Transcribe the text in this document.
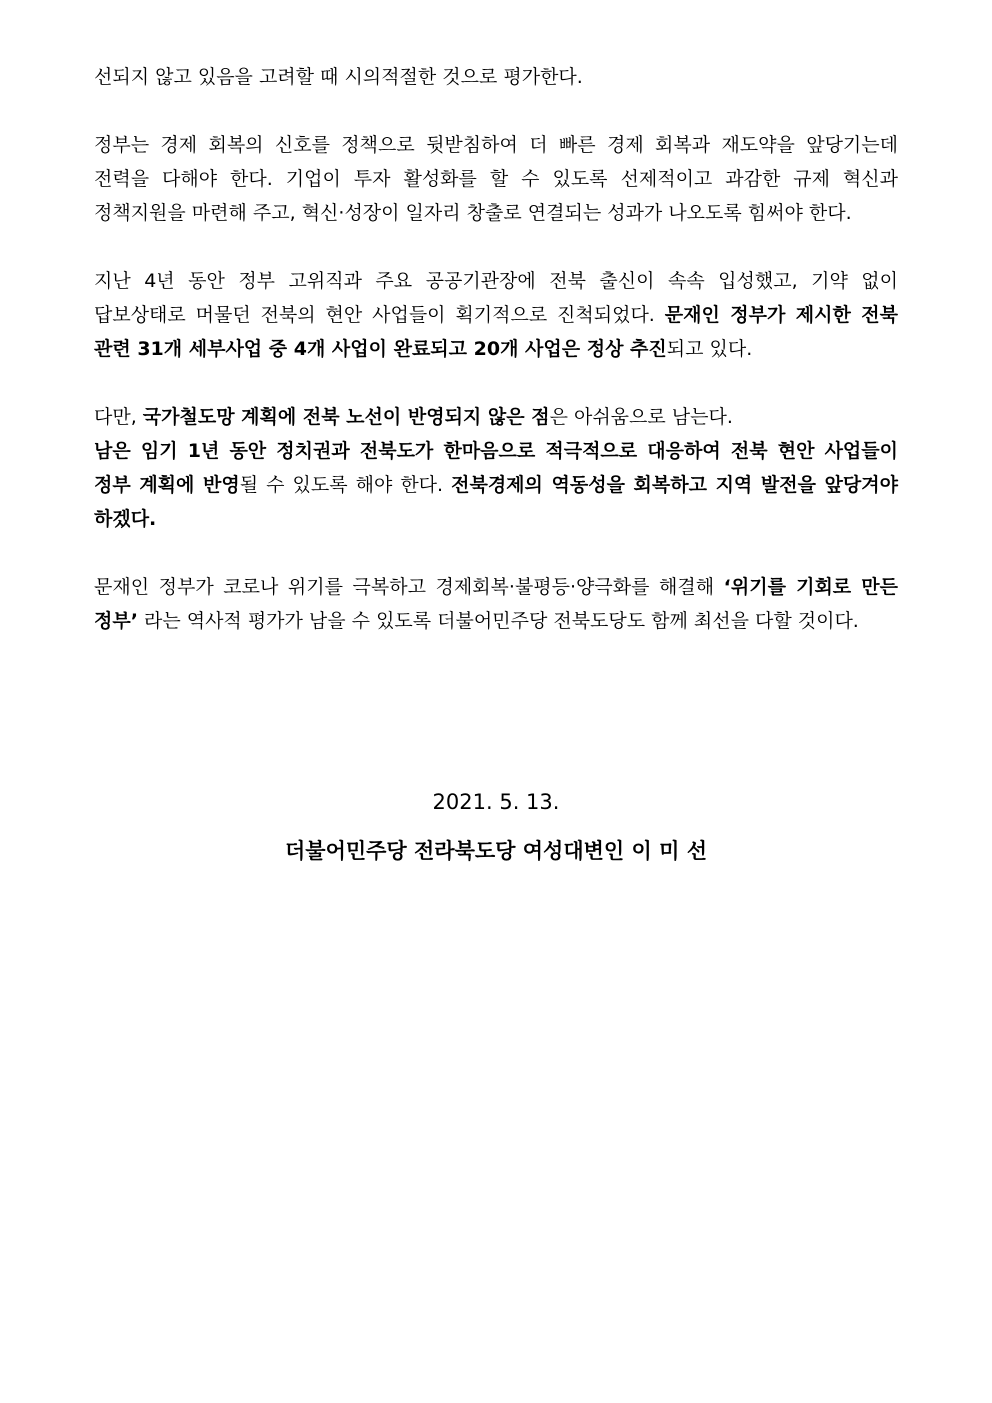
선되지 않고 있음을 고려할 때 시의적절한 것으로 평가한다.

정부는 경제 회복의 신호를 정책으로 뒷받침하여 더 빠른 경제 회복과 재도약을 앞당기는데 전력을 다해야 한다. 기업이 투자 활성화를 할 수 있도록 선제적이고 과감한 규제 혁신과 정책지원을 마련해 주고, 혁신·성장이 일자리 창출로 연결되는 성과가 나오도록 힘써야 한다.

지난 4년 동안 정부 고위직과 주요 공공기관장에 전북 출신이 속속 입성했고, 기약 없이 답보상태로 머물던 전북의 현안 사업들이 획기적으로 진척되었다. 문재인 정부가 제시한 전북 관련 31개 세부사업 중 4개 사업이 완료되고 20개 사업은 정상 추진되고 있다.

다만, 국가철도망 계획에 전북 노선이 반영되지 않은 점은 아쉬움으로 남는다.

남은 임기 1년 동안 정치권과 전북도가 한마음으로 적극적으로 대응하여 전북 현안 사업들이 정부 계획에 반영될 수 있도록 해야 한다. 전북경제의 역동성을 회복하고 지역 발전을 앞당겨야 하겠다.

문재인 정부가 코로나 위기를 극복하고 경제회복·불평등·양극화를 해결해 ‘위기를 기회로 만든 정부’ 라는 역사적 평가가 남을 수 있도록 더불어민주당 전북도당도 함께 최선을 다할 것이다.

2021. 5. 13.
더불어민주당 전라북도당 여성대변인 이 미 선
